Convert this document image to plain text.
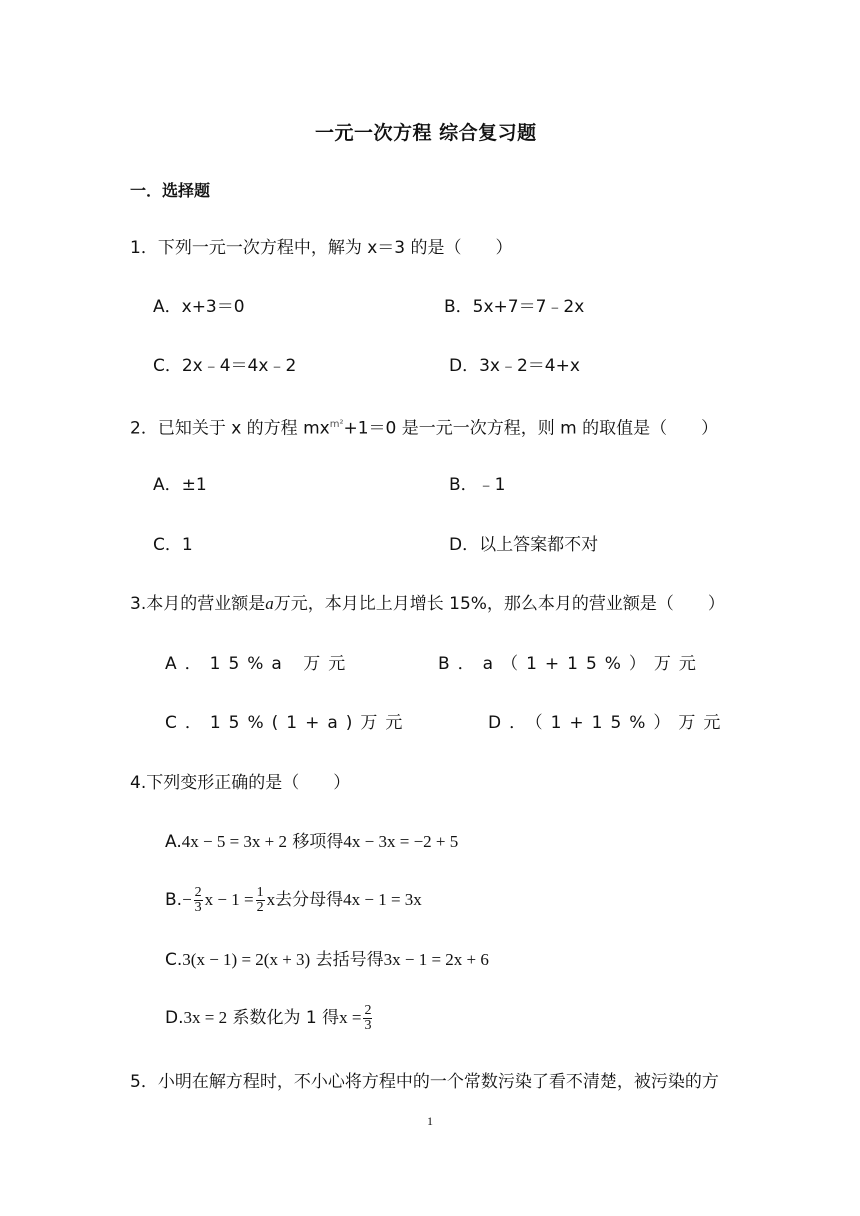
一元一次方程 综合复习题
一．选择题
1．下列一元一次方程中，解为 x＝3 的是（　　）
A．x+3＝0	B．5x+7＝7﹣2x
C．2x﹣4＝4x﹣2	D．3x﹣2＝4+x
2．已知关于 x 的方程 $mx^{m^2}+1=0$ 是一元一次方程，则 m 的取值是（　　）
A．±1	B．﹣1
C．1	D．以上答案都不对
3.本月的营业额是a万元，本月比上月增长 15%，那么本月的营业额是（　　）
A．15%a 万元	B．a（1+15%）万元
C．15%(1+a)万元	D．（1+15%）万元
4.下列变形正确的是（　　）
A.4x − 5 = 3x + 2 移项得4x − 3x = −2 + 5
$B.- \frac{2}{3}$ $x - 1 = \frac{1}{2}$ x去分母得4x − 1 = 3x
C.3(x − 1) = 2(x + 3) 去括号得3x − 1 = 2x + 6
D.3x = 2 系数化为 1 得$x = \frac{2}{3}$
5．小明在解方程时，不小心将方程中的一个常数污染了看不清楚，被污染的方
1
